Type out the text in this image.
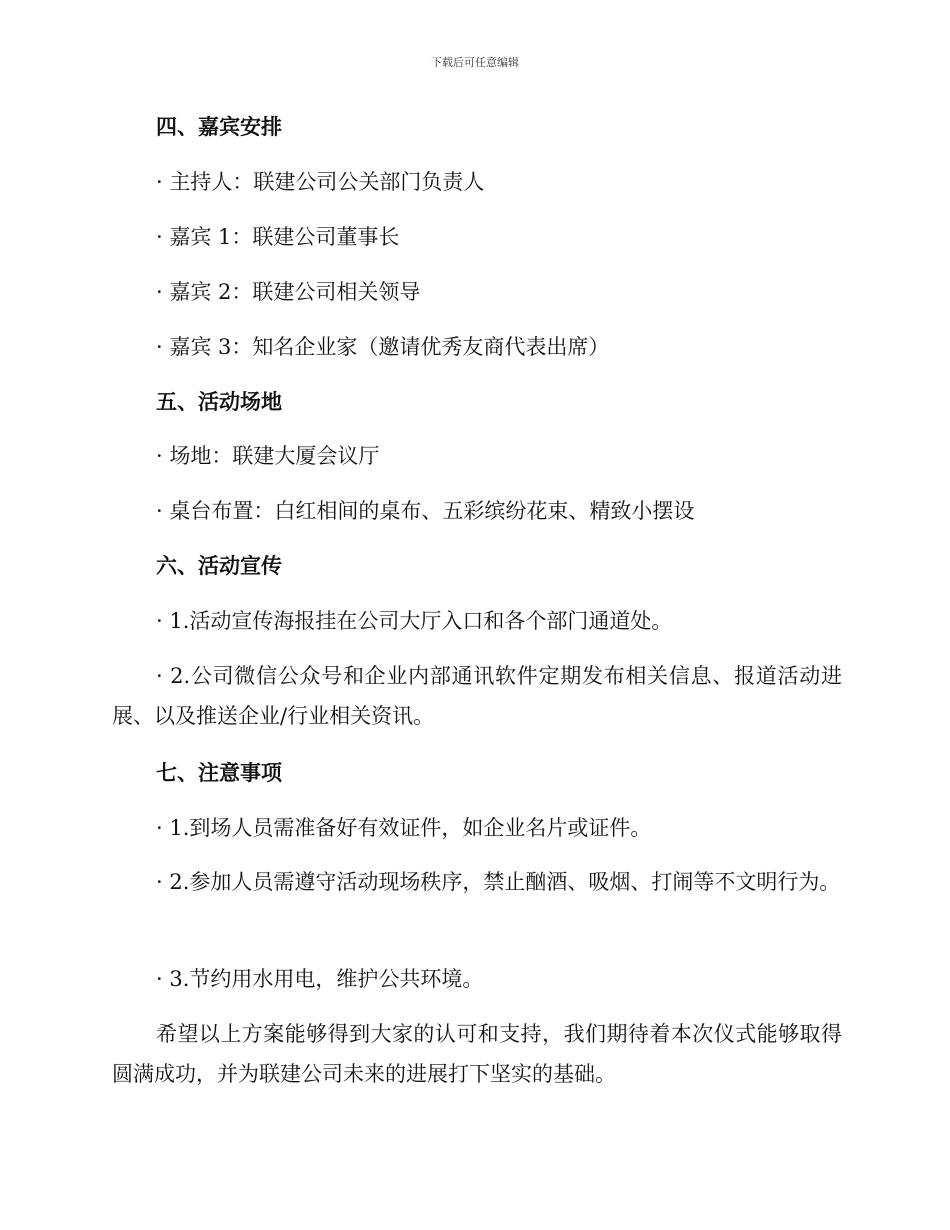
下载后可任意编辑
四、嘉宾安排
· 主持人：联建公司公关部门负责人
· 嘉宾 1：联建公司董事长
· 嘉宾 2：联建公司相关领导
· 嘉宾 3：知名企业家（邀请优秀友商代表出席）
五、活动场地
· 场地：联建大厦会议厅
· 桌台布置：白红相间的桌布、五彩缤纷花束、精致小摆设
六、活动宣传
· 1.活动宣传海报挂在公司大厅入口和各个部门通道处。
· 2.公司微信公众号和企业内部通讯软件定期发布相关信息、报道活动进展、以及推送企业/行业相关资讯。
七、注意事项
· 1.到场人员需准备好有效证件，如企业名片或证件。
· 2.参加人员需遵守活动现场秩序，禁止酗酒、吸烟、打闹等不文明行为。
· 3.节约用水用电，维护公共环境。
希望以上方案能够得到大家的认可和支持，我们期待着本次仪式能够取得圆满成功，并为联建公司未来的进展打下坚实的基础。
